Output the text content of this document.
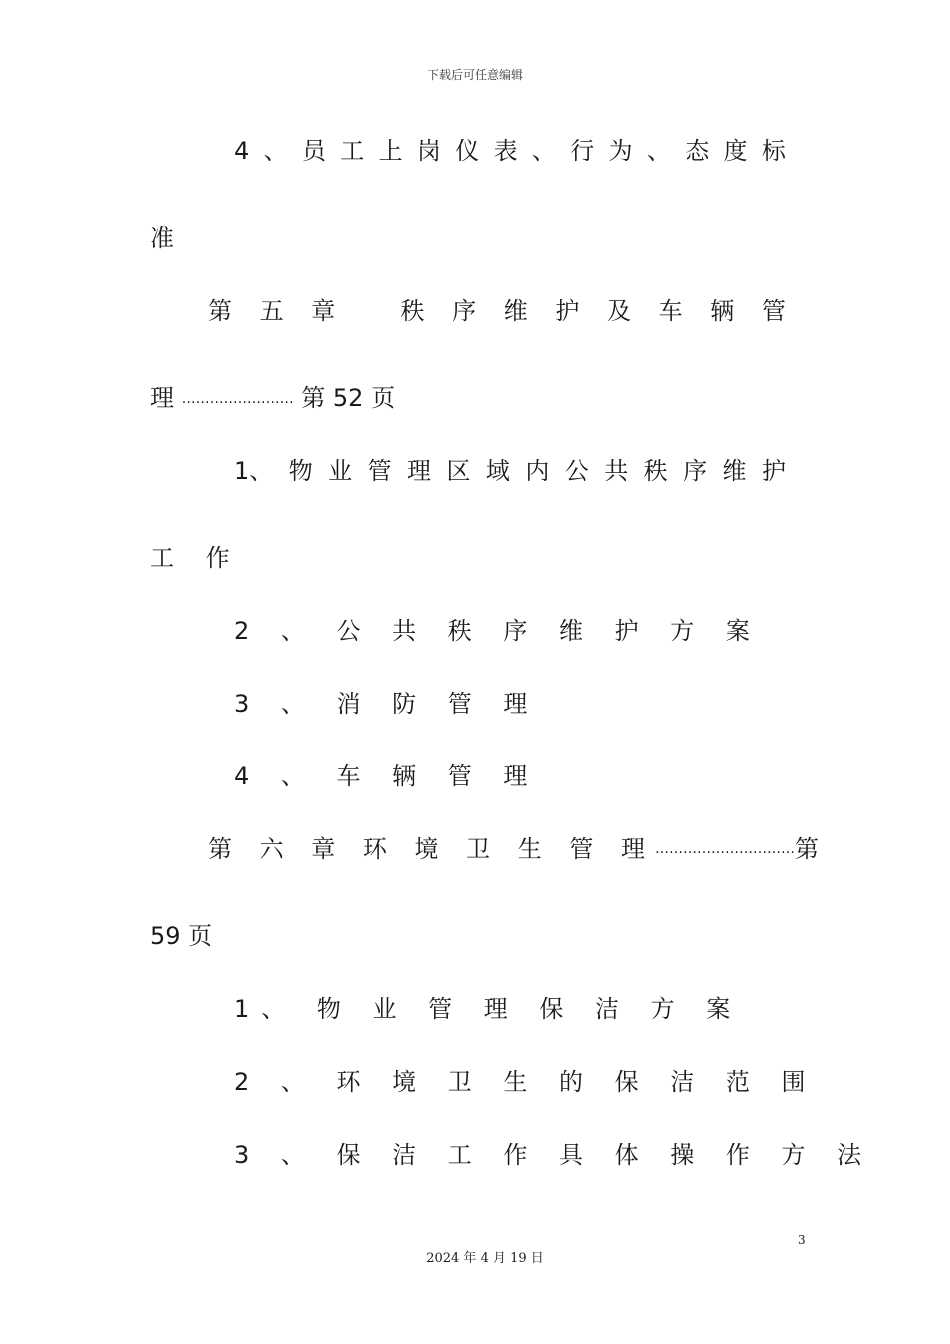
下载后可任意编辑
4 、 员 工 上 岗 仪 表 、 行 为 、 态 度 标
准
第 五 章	秩 序 维 护 及 车 辆 管
理 …………………… 第 52 页
1、 物 业 管 理 区 域 内 公 共 秩 序 维 护
工 作
2 、 公 共 秩 序 维 护 方 案
3 、 消 防 管 理
4 、 车 辆 管 理
第 六 章 环 境 卫 生 管 理 ………………………… 第
59 页
1、 物 业 管 理 保 洁 方 案
2 、 环 境 卫 生 的 保 洁 范 围
3 、 保 洁 工 作 具 体 操 作 方 法
3
2024 年 4 月 19 日
